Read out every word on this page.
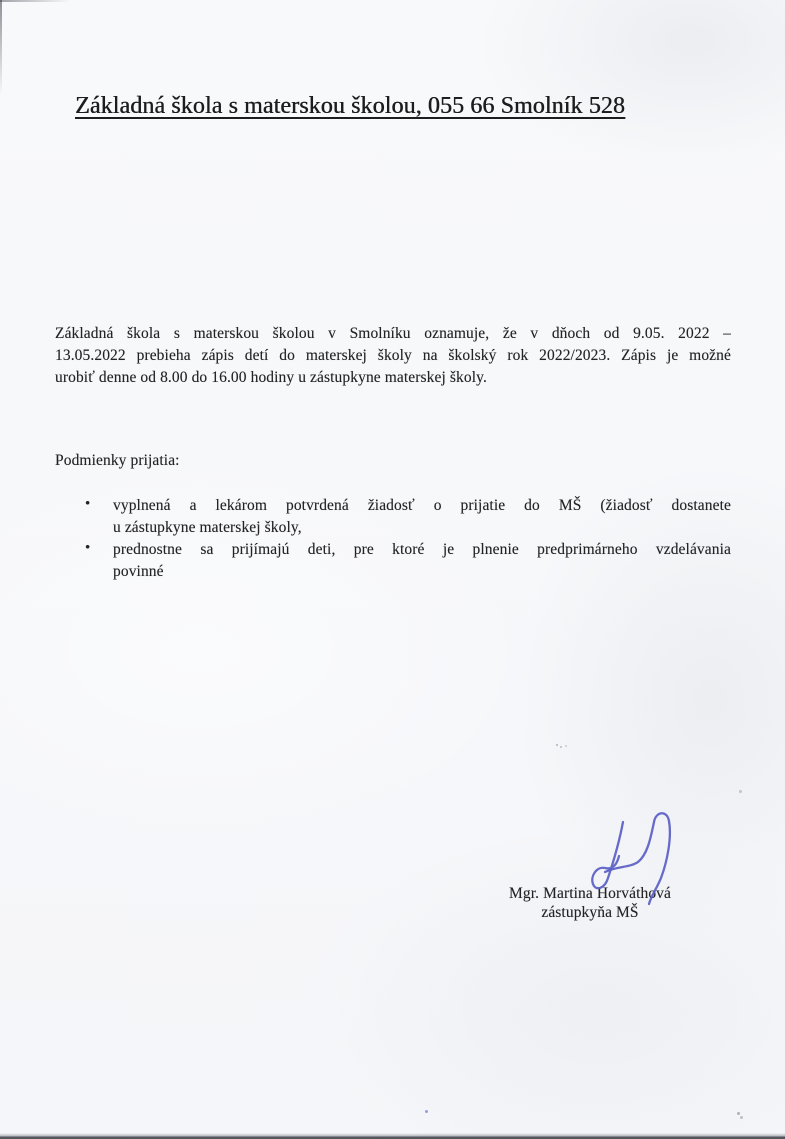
Základná škola s materskou školou, 055 66 Smolník 528
Základná škola s materskou školou v Smolníku oznamuje, že v dňoch od 9.05. 2022 –
13.05.2022 prebieha zápis detí do materskej školy na školský rok 2022/2023. Zápis je možné
urobiť denne od 8.00 do 16.00 hodiny u zástupkyne materskej školy.
Podmienky prijatia:
• vyplnená a lekárom potvrdená žiadosť o prijatie do MŠ (žiadosť dostanete
u zástupkyne materskej školy,
• prednostne sa prijímajú deti, pre ktoré je plnenie predprimárneho vzdelávania
povinné
Mgr. Martina Horváthová
zástupkyňa MŠ
